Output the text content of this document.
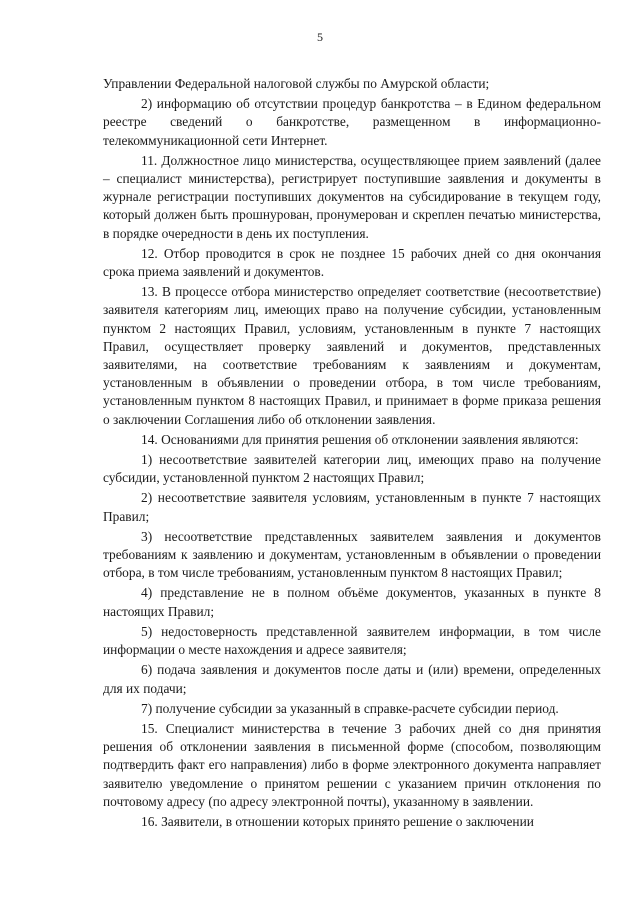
5

Управлении Федеральной налоговой службы по Амурской области;

2) информацию об отсутствии процедур банкротства – в Едином федеральном реестре сведений о банкротстве, размещенном в информационно-телекоммуникационной сети Интернет.

11. Должностное лицо министерства, осуществляющее прием заявлений (далее – специалист министерства), регистрирует поступившие заявления и документы в журнале регистрации поступивших документов на субсидирование в текущем году, который должен быть прошнурован, пронумерован и скреплен печатью министерства, в порядке очередности в день их поступления.

12. Отбор проводится в срок не позднее 15 рабочих дней со дня окончания срока приема заявлений и документов.

13. В процессе отбора министерство определяет соответствие (несоответствие) заявителя категориям лиц, имеющих право на получение субсидии, установленным пунктом 2 настоящих Правил, условиям, установленным в пункте 7 настоящих Правил, осуществляет проверку заявлений и документов, представленных заявителями, на соответствие требованиям к заявлениям и документам, установленным в объявлении о проведении отбора, в том числе требованиям, установленным пунктом 8 настоящих Правил, и принимает в форме приказа решения о заключении Соглашения либо об отклонении заявления.

14. Основаниями для принятия решения об отклонении заявления являются:

1) несоответствие заявителей категории лиц, имеющих право на получение субсидии, установленной пунктом 2 настоящих Правил;

2) несоответствие заявителя условиям, установленным в пункте 7 настоящих Правил;

3) несоответствие представленных заявителем заявления и документов требованиям к заявлению и документам, установленным в объявлении о проведении отбора, в том числе требованиям, установленным пунктом 8 настоящих Правил;

4) представление не в полном объёме документов, указанных в пункте 8 настоящих Правил;

5) недостоверность представленной заявителем информации, в том числе информации о месте нахождения и адресе заявителя;

6) подача заявления и документов после даты и (или) времени, определенных для их подачи;

7) получение субсидии за указанный в справке-расчете субсидии период.

15. Специалист министерства в течение 3 рабочих дней со дня принятия решения об отклонении заявления в письменной форме (способом, позволяющим подтвердить факт его направления) либо в форме электронного документа направляет заявителю уведомление о принятом решении с указанием причин отклонения по почтовому адресу (по адресу электронной почты), указанному в заявлении.

16. Заявители, в отношении которых принято решение о заключении
